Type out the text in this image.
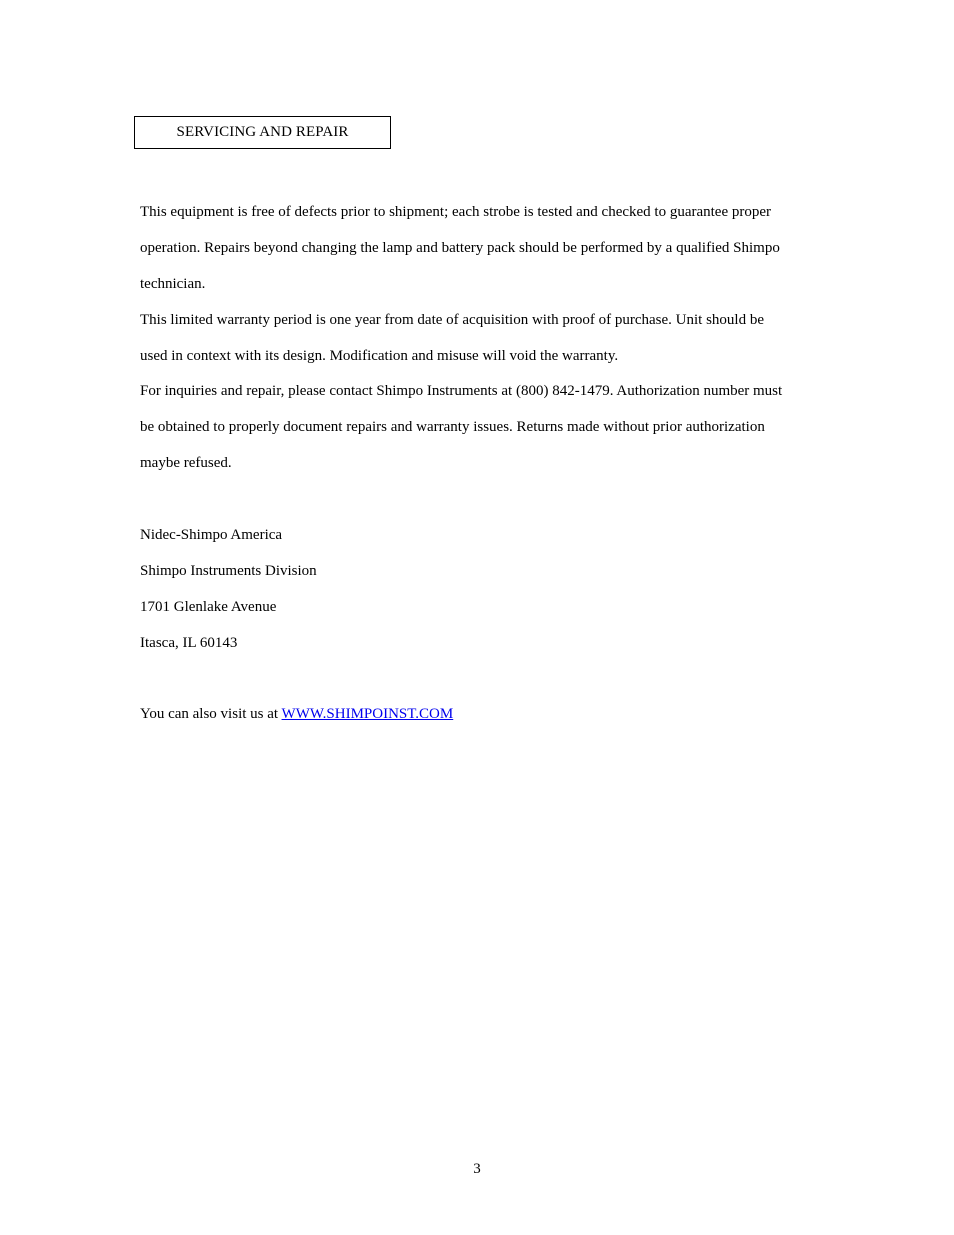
SERVICING AND REPAIR

This equipment is free of defects prior to shipment; each strobe is tested and checked to guarantee proper
operation. Repairs beyond changing the lamp and battery pack should be performed by a qualified Shimpo
technician.

This limited warranty period is one year from date of acquisition with proof of purchase. Unit should be
used in context with its design. Modification and misuse will void the warranty.

For inquiries and repair, please contact Shimpo Instruments at (800) 842-1479. Authorization number must
be obtained to properly document repairs and warranty issues. Returns made without prior authorization
maybe refused.

Nidec-Shimpo America
Shimpo Instruments Division
1701 Glenlake Avenue
Itasca, IL 60143
You can also visit us at WWW.SHIMPOINST.COM
3
